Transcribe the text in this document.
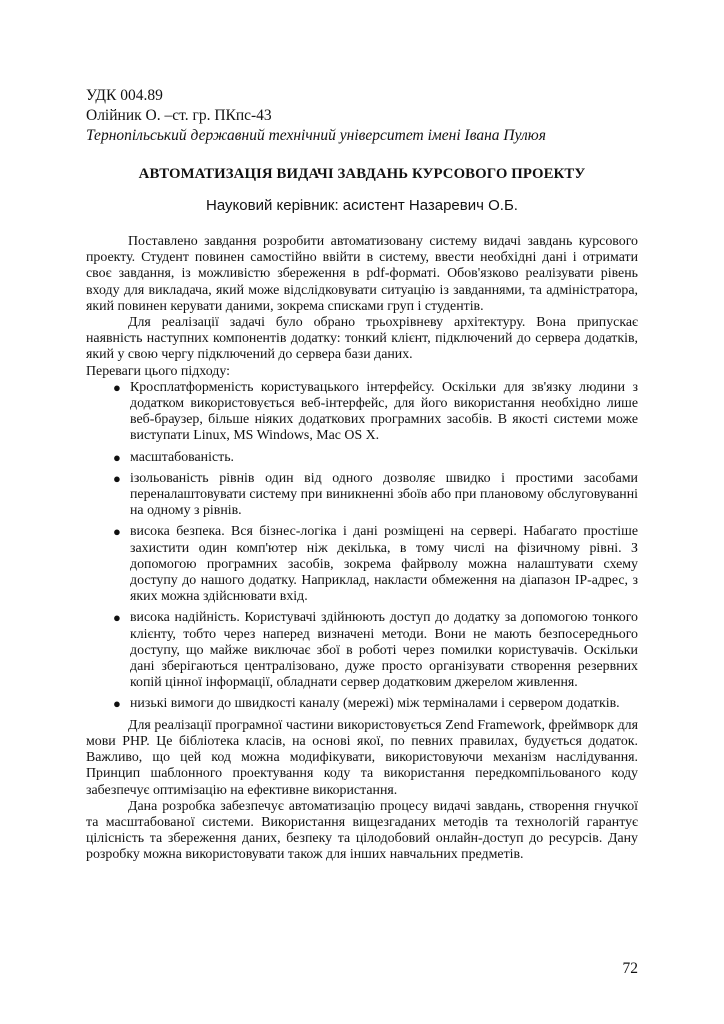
УДК 004.89

Олійник О. –ст. гр. ПКпс-43

Тернопільський державний технічний університет імені Івана Пулюя

АВТОМАТИЗАЦІЯ ВИДАЧІ ЗАВДАНЬ КУРСОВОГО ПРОЕКТУ

Науковий керівник: асистент Назаревич О.Б.

Поставлено завдання розробити автоматизовану систему видачі завдань курсового проекту. Студент повинен самостійно ввійти в систему, ввести необхідні дані і отримати своє завдання, із можливістю збереження в pdf-форматі. Обов'язково реалізувати рівень входу для викладача, який може відслідковувати ситуацію із завданнями, та адміністратора, який повинен керувати даними, зокрема списками груп і студентів.

Для реалізації задачі було обрано трьохрівневу архітектуру. Вона припускає наявність наступних компонентів додатку: тонкий клієнт, підключений до сервера додатків, який у свою чергу підключений до сервера бази даних.

Переваги цього підходу:

● Кросплатформеність користувацького інтерфейсу. Оскільки для зв'язку людини з додатком використовується веб-інтерфейс, для його використання необхідно лише веб-браузер, більше ніяких додаткових програмних засобів. В якості системи може виступати Linux, MS Windows, Mac OS X.
● масштабованість.
● ізольованість рівнів один від одного дозволяє швидко і простими засобами переналаштовувати систему при виникненні збоїв або при плановому обслуговуванні на одному з рівнів.
● висока безпека. Вся бізнес-логіка і дані розміщені на сервері. Набагато простіше захистити один комп'ютер ніж декілька, в тому числі на фізичному рівні. З допомогою програмних засобів, зокрема файрволу можна налаштувати схему доступу до нашого додатку. Наприклад, накласти обмеження на діапазон IP-адрес, з яких можна здійснювати вхід.
● висока надійність. Користувачі здійнюють доступ до додатку за допомогою тонкого клієнту, тобто через наперед визначені методи. Вони не мають безпосереднього доступу, що майже виключає збої в роботі через помилки користувачів. Оскільки дані зберігаються централізовано, дуже просто організувати створення резервних копій цінної інформації, обладнати сервер додатковим джерелом живлення.
● низькі вимоги до швидкості каналу (мережі) між терміналами і сервером додатків.

Для реалізації програмної частини використовується Zend Framework, фреймворк для мови PHP. Це бібліотека класів, на основі якої, по певних правилах, будується додаток. Важливо, що цей код можна модифікувати, використовуючи механізм наслідування. Принцип шаблонного проектування коду та використання передкомпільованого коду забезпечує оптимізацію на ефективне використання.

Дана розробка забезпечує автоматизацію процесу видачі завдань, створення гнучкої та масштабованої системи. Використання вищезгаданих методів та технологій гарантує цілісність та збереження даних, безпеку та цілодобовий онлайн-доступ до ресурсів. Дану розробку можна використовувати також для інших навчальних предметів.

72
